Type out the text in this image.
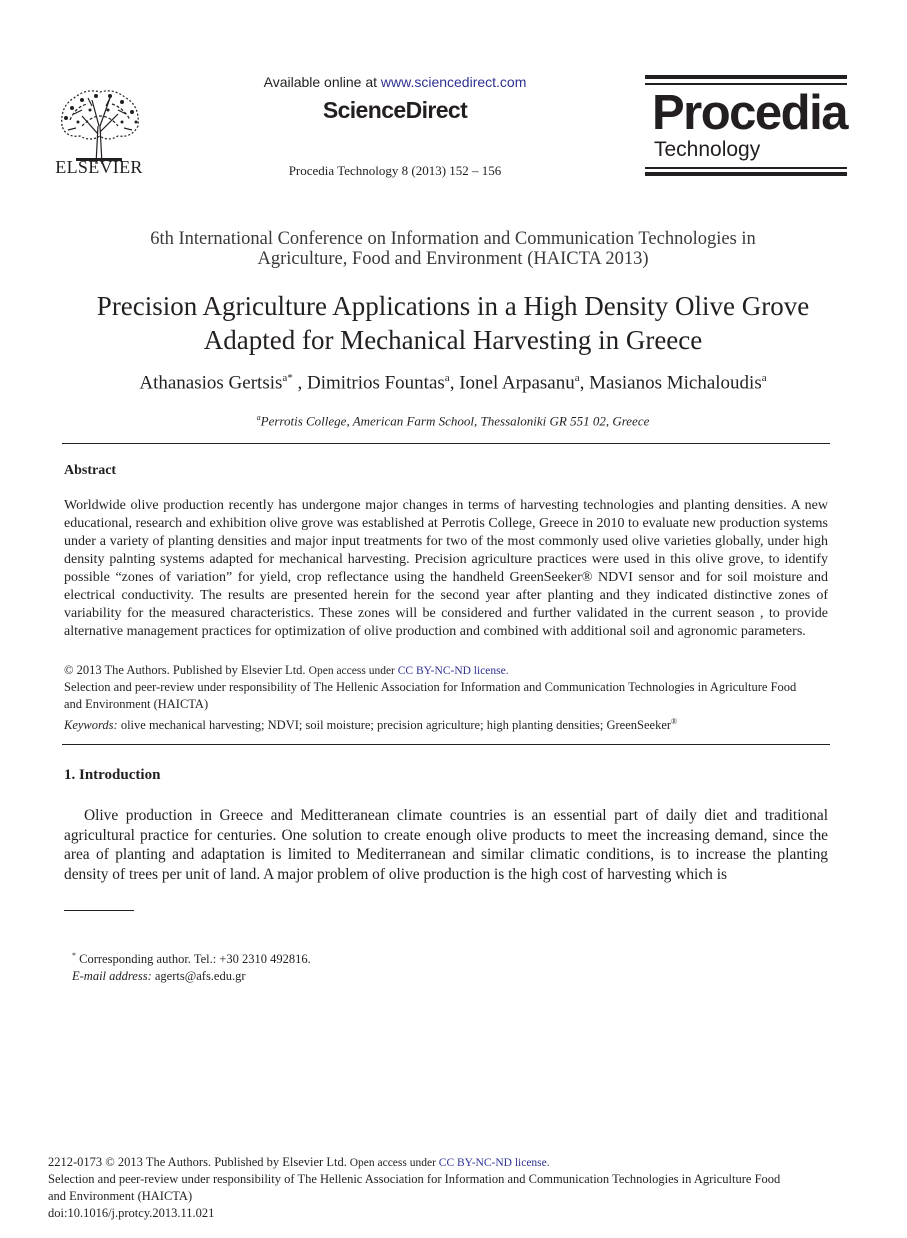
ELSEVIER
Available online at www.sciencedirect.com
ScienceDirect
Procedia Technology 8 (2013) 152 – 156
Procedia
Technology
6th International Conference on Information and Communication Technologies in
Agriculture, Food and Environment (HAICTA 2013)
Precision Agriculture Applications in a High Density Olive Grove
Adapted for Mechanical Harvesting in Greece
Athanasios Gertsis$^{a*}$ , Dimitrios Fountas$^a$, Ionel Arpasanu$^a$, Masianos Michaloudis$^a$
$^a$Perrotis College, American Farm School, Thessaloniki GR 551 02, Greece
Abstract

Worldwide olive production recently has undergone major changes in terms of harvesting technologies and planting densities. A new educational, research and exhibition olive grove was established at Perrotis College, Greece in 2010 to evaluate new production systems under a variety of planting densities and major input treatments for two of the most commonly used olive varieties globally, under high density palnting systems adapted for mechanical harvesting. Precision agriculture practices were used in this olive grove, to identify possible “zones of variation” for yield, crop reflectance using the handheld GreenSeeker® NDVI sensor and for soil moisture and electrical conductivity. The results are presented herein for the second year after planting and they indicated distinctive zones of variability for the measured characteristics. These zones will be considered and further validated in the current season , to provide alternative management practices for optimization of olive production and combined with additional soil and agronomic parameters.

© 2013 The Authors. Published by Elsevier Ltd. Open access under CC BY-NC-ND license.

Selection and peer-review under responsibility of The Hellenic Association for Information and Communication Technologies in Agriculture Food and Environment (HAICTA)

Keywords: olive mechanical harvesting; NDVI; soil moisture; precision agriculture; high planting densities; GreenSeeker®

1. Introduction

Olive production in Greece and Meditteranean climate countries is an essential part of daily diet and traditional agricultural practice for centuries. One solution to create enough olive products to meet the increasing demand, since the area of planting and adaptation is limited to Mediterranean and similar climatic conditions, is to increase the planting density of trees per unit of land. A major problem of olive production is the high cost of harvesting which is

* Corresponding author. Tel.: +30 2310 492816.
E-mail address: agerts@afs.edu.gr

2212-0173 © 2013 The Authors. Published by Elsevier Ltd. Open access under CC BY-NC-ND license.

Selection and peer-review under responsibility of The Hellenic Association for Information and Communication Technologies in Agriculture Food and Environment (HAICTA)

doi:10.1016/j.protcy.2013.11.021
